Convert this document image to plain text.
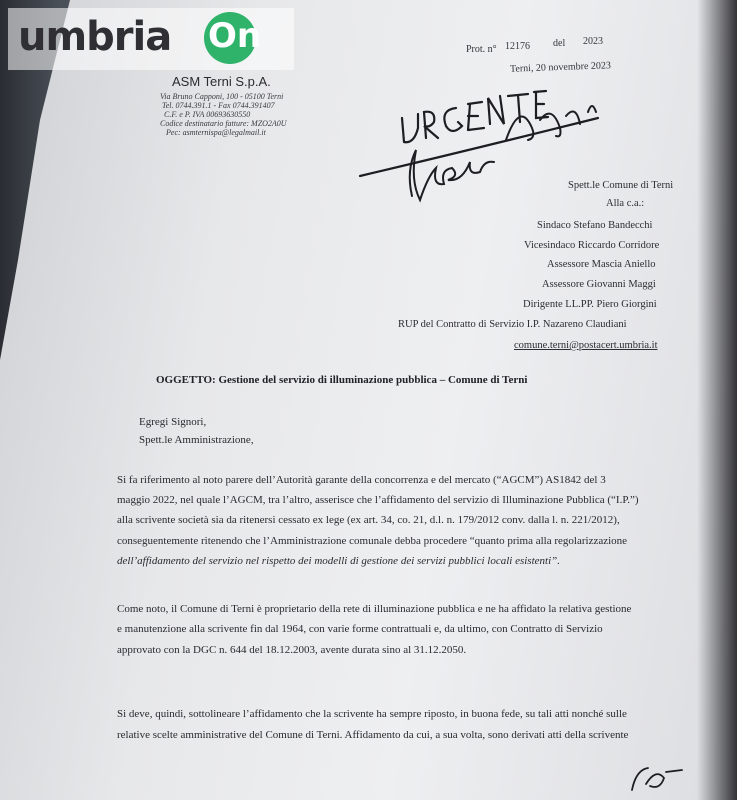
umbria On
ASM Terni S.p.A.
Via Bruno Capponi, 100 - 05100 Terni
Tel. 0744.391.1 - Fax 0744.391407
C.F. e P. IVA 00693630550
Codice destinatario fatture: MZO2A0U
Pec: asmternispa@legalmail.it
Prot. n° 12176 del 2023
Terni, 20 novembre 2023
Spett.le Comune di Terni
Alla c.a.:
Sindaco Stefano Bandecchi
Vicesindaco Riccardo Corridore
Assessore Mascia Aniello
Assessore Giovanni Maggi
Dirigente LL.PP. Piero Giorgini
RUP del Contratto di Servizio I.P. Nazareno Claudiani
comune.terni@postacert.umbria.it
OGGETTO: Gestione del servizio di illuminazione pubblica – Comune di Terni
Egregi Signori,
Spett.le Amministrazione,
Si fa riferimento al noto parere dell’Autorità garante della concorrenza e del mercato (“AGCM”) AS1842 del 3
maggio 2022, nel quale l’AGCM, tra l’altro, asserisce che l’affidamento del servizio di Illuminazione Pubblica (“I.P.”)
alla scrivente società sia da ritenersi cessato ex lege (ex art. 34, co. 21, d.l. n. 179/2012 conv. dalla l. n. 221/2012),
conseguentemente ritenendo che l’Amministrazione comunale debba procedere “quanto prima alla regolarizzazione
dell’affidamento del servizio nel rispetto dei modelli di gestione dei servizi pubblici locali esistenti”.
Come noto, il Comune di Terni è proprietario della rete di illuminazione pubblica e ne ha affidato la relativa gestione
e manutenzione alla scrivente fin dal 1964, con varie forme contrattuali e, da ultimo, con Contratto di Servizio
approvato con la DGC n. 644 del 18.12.2003, avente durata sino al 31.12.2050.
Si deve, quindi, sottolineare l’affidamento che la scrivente ha sempre riposto, in buona fede, su tali atti nonché sulle
relative scelte amministrative del Comune di Terni. Affidamento da cui, a sua volta, sono derivati atti della scrivente
